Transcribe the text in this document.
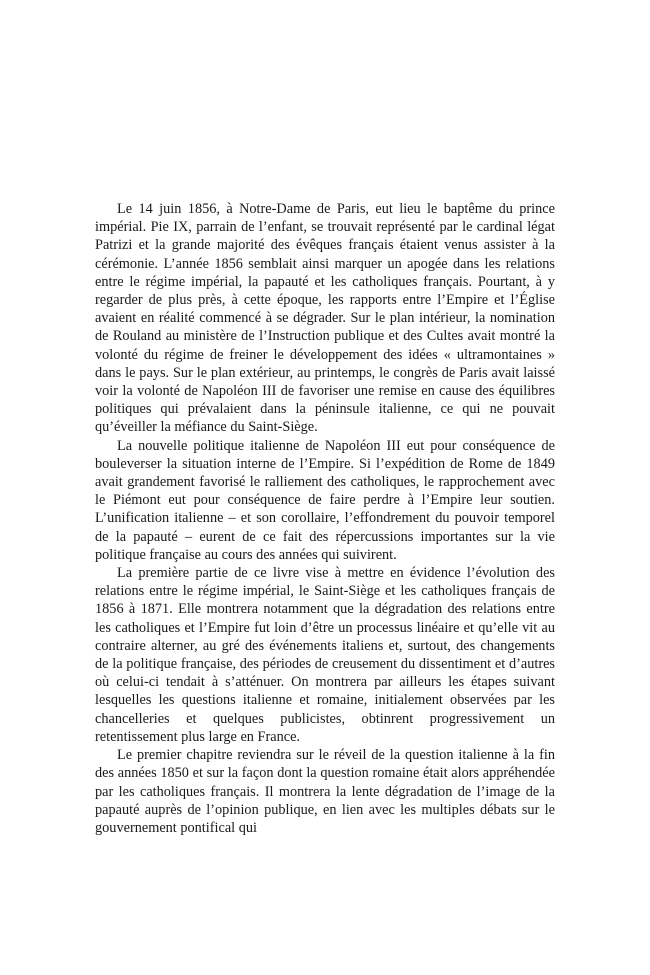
Le 14 juin 1856, à Notre-Dame de Paris, eut lieu le baptême du prince impérial. Pie IX, parrain de l’enfant, se trouvait représenté par le cardinal légat Patrizi et la grande majorité des évêques français étaient venus assister à la cérémonie. L’année 1856 semblait ainsi marquer un apogée dans les relations entre le régime impérial, la papauté et les catholiques français. Pourtant, à y regarder de plus près, à cette époque, les rapports entre l’Empire et l’Église avaient en réalité commencé à se dégrader. Sur le plan intérieur, la nomination de Rouland au ministère de l’Instruction publique et des Cultes avait montré la volonté du régime de freiner le développement des idées « ultramontaines » dans le pays. Sur le plan extérieur, au printemps, le congrès de Paris avait laissé voir la volonté de Napoléon III de favoriser une remise en cause des équilibres politiques qui prévalaient dans la péninsule italienne, ce qui ne pouvait qu’éveiller la méfiance du Saint-Siège.

La nouvelle politique italienne de Napoléon III eut pour conséquence de bouleverser la situation interne de l’Empire. Si l’expédition de Rome de 1849 avait grandement favorisé le ralliement des catholiques, le rapprochement avec le Piémont eut pour conséquence de faire perdre à l’Empire leur soutien. L’unification italienne – et son corollaire, l’effondrement du pouvoir temporel de la papauté – eurent de ce fait des répercussions importantes sur la vie politique française au cours des années qui suivirent.

La première partie de ce livre vise à mettre en évidence l’évolution des relations entre le régime impérial, le Saint-Siège et les catholiques français de 1856 à 1871. Elle montrera notamment que la dégradation des relations entre les catholiques et l’Empire fut loin d’être un processus linéaire et qu’elle vit au contraire alterner, au gré des événements italiens et, surtout, des changements de la politique française, des périodes de creusement du dissentiment et d’autres où celui-ci tendait à s’atténuer. On montrera par ailleurs les étapes suivant lesquelles les questions italienne et romaine, initialement observées par les chancelleries et quelques publicistes, obtinrent progressivement un retentissement plus large en France.

Le premier chapitre reviendra sur le réveil de la question italienne à la fin des années 1850 et sur la façon dont la question romaine était alors appréhendée par les catholiques français. Il montrera la lente dégradation de l’image de la papauté auprès de l’opinion publique, en lien avec les multiples débats sur le gouvernement pontifical qui
